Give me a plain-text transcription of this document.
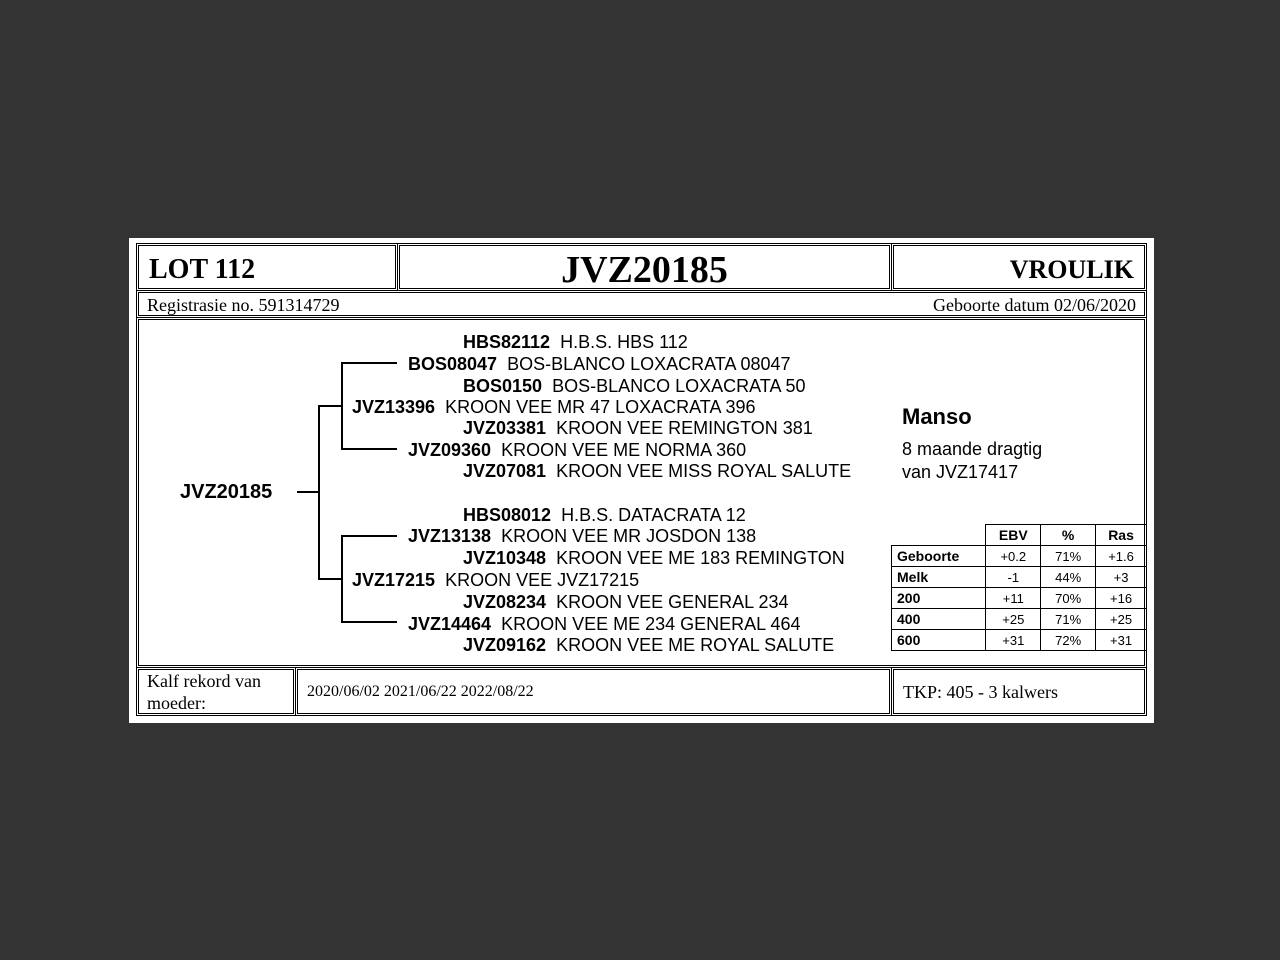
LOT 112	JVZ20185	VROULIK
Registrasie no. 591314729	Geboorte datum 02/06/2020
HBS82112 H.B.S. HBS 112
BOS08047 BOS-BLANCO LOXACRATA 08047
BOS0150 BOS-BLANCO LOXACRATA 50
JVZ13396 KROON VEE MR 47 LOXACRATA 396
JVZ03381 KROON VEE REMINGTON 381
JVZ09360 KROON VEE ME NORMA 360
JVZ07081 KROON VEE MISS ROYAL SALUTE
JVZ20185
HBS08012 H.B.S. DATACRATA 12
JVZ13138 KROON VEE MR JOSDON 138
JVZ10348 KROON VEE ME 183 REMINGTON
JVZ17215 KROON VEE JVZ17215
JVZ08234 KROON VEE GENERAL 234
JVZ14464 KROON VEE ME 234 GENERAL 464
JVZ09162 KROON VEE ME ROYAL SALUTE
Manso
8 maande dragtig
van JVZ17417
	EBV	%	Ras
Geboorte	+0.2	71%	+1.6
Melk	-1	44%	+3
200	+11	70%	+16
400	+25	71%	+25
600	+31	72%	+31
Kalf rekord van
moeder:
2020/06/02 2021/06/22 2022/08/22	TKP: 405 - 3 kalwers
